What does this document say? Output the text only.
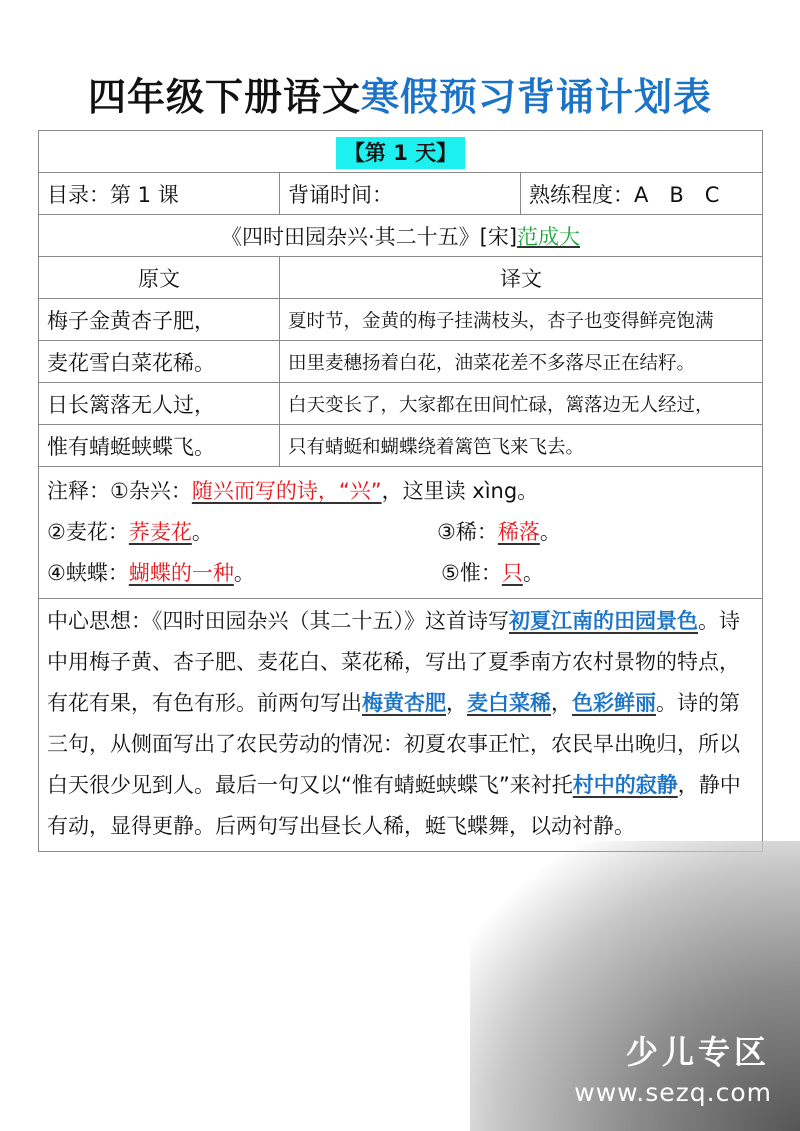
四年级下册语文寒假预习背诵计划表
【第 1 天】		
目录：第 1 课	背诵时间：	熟练程度：A　B　C
《四时田园杂兴·其二十五》[宋]范成大		
原文	译文	
梅子金黄杏子肥，	夏时节，金黄的梅子挂满枝头，杏子也变得鲜亮饱满	
麦花雪白菜花稀。	田里麦穗扬着白花，油菜花差不多落尽正在结籽。	
日长篱落无人过，	白天变长了，大家都在田间忙碌，篱落边无人经过，	
惟有蜻蜓蛱蝶飞。	只有蜻蜓和蝴蝶绕着篱笆飞来飞去。	

注释：①杂兴：随兴而写的诗，“兴”，这里读 xìng。
②麦花：荞麦花。 ③稀：稀落。
④蛱蝶：蝴蝶的一种。 ⑤惟：只。		

中心思想：《四时田园杂兴（其二十五）》这首诗写初夏江南的田园景色。诗中用梅子黄、杏子肥、麦花白、菜花稀，写出了夏季南方农村景物的特点，有花有果，有色有形。前两句写出梅黄杏肥，麦白菜稀，色彩鲜丽。诗的第三句，从侧面写出了农民劳动的情况：初夏农事正忙，农民早出晚归，所以白天很少见到人。最后一句又以“惟有蜻蜓蛱蝶飞”来衬托村中的寂静，静中有动，显得更静。后两句写出昼长人稀，蜓飞蝶舞，以动衬静。		
少儿专区
www.sezq.com
